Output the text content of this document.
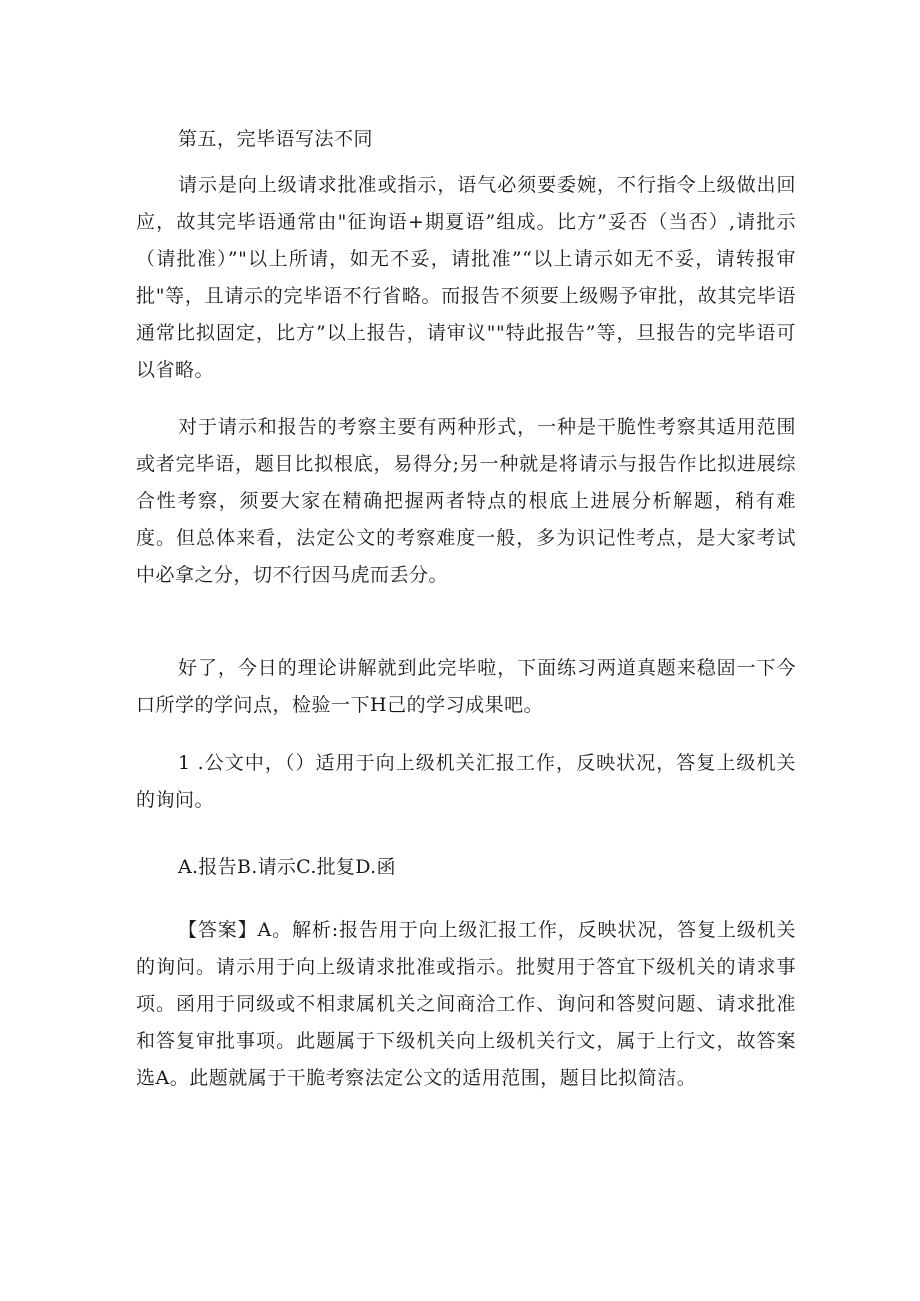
第五，完毕语写法不同

请示是向上级请求批准或指示，语气必须要委婉，不行指令上级做出回应，故其完毕语通常由"征询语+期夏语”组成。比方”妥否（当否）,请批示（请批准）”"以上所请，如无不妥，请批准”“以上请示如无不妥，请转报审批"等，且请示的完毕语不行省略。而报告不须要上级赐予审批，故其完毕语通常比拟固定，比方”以上报告，请审议""特此报告”等，旦报告的完毕语可以省略。

对于请示和报告的考察主要有两种形式，一种是干脆性考察其适用范围或者完毕语，题目比拟根底，易得分;另一种就是将请示与报告作比拟进展综合性考察，须要大家在精确把握两者特点的根底上进展分析解题，稍有难度。但总体来看，法定公文的考察难度一般，多为识记性考点，是大家考试中必拿之分，切不行因马虎而丢分。

好了，今日的理论讲解就到此完毕啦，下面练习两道真题来稳固一下今口所学的学问点，检验一下H己的学习成果吧。

1 .公文中，（）适用于向上级机关汇报工作，反映状况，答复上级机关的询问。

A.报告B.请示C.批复D.函

【答案】A。解析:报告用于向上级汇报工作，反映状况，答复上级机关的询问。请示用于向上级请求批准或指示。批熨用于答宜下级机关的请求事项。函用于同级或不相隶属机关之间商洽工作、询问和答熨问题、请求批准和答复审批事项。此题属于下级机关向上级机关行文，属于上行文，故答案选A。此题就属于干脆考察法定公文的适用范围，题目比拟简洁。
